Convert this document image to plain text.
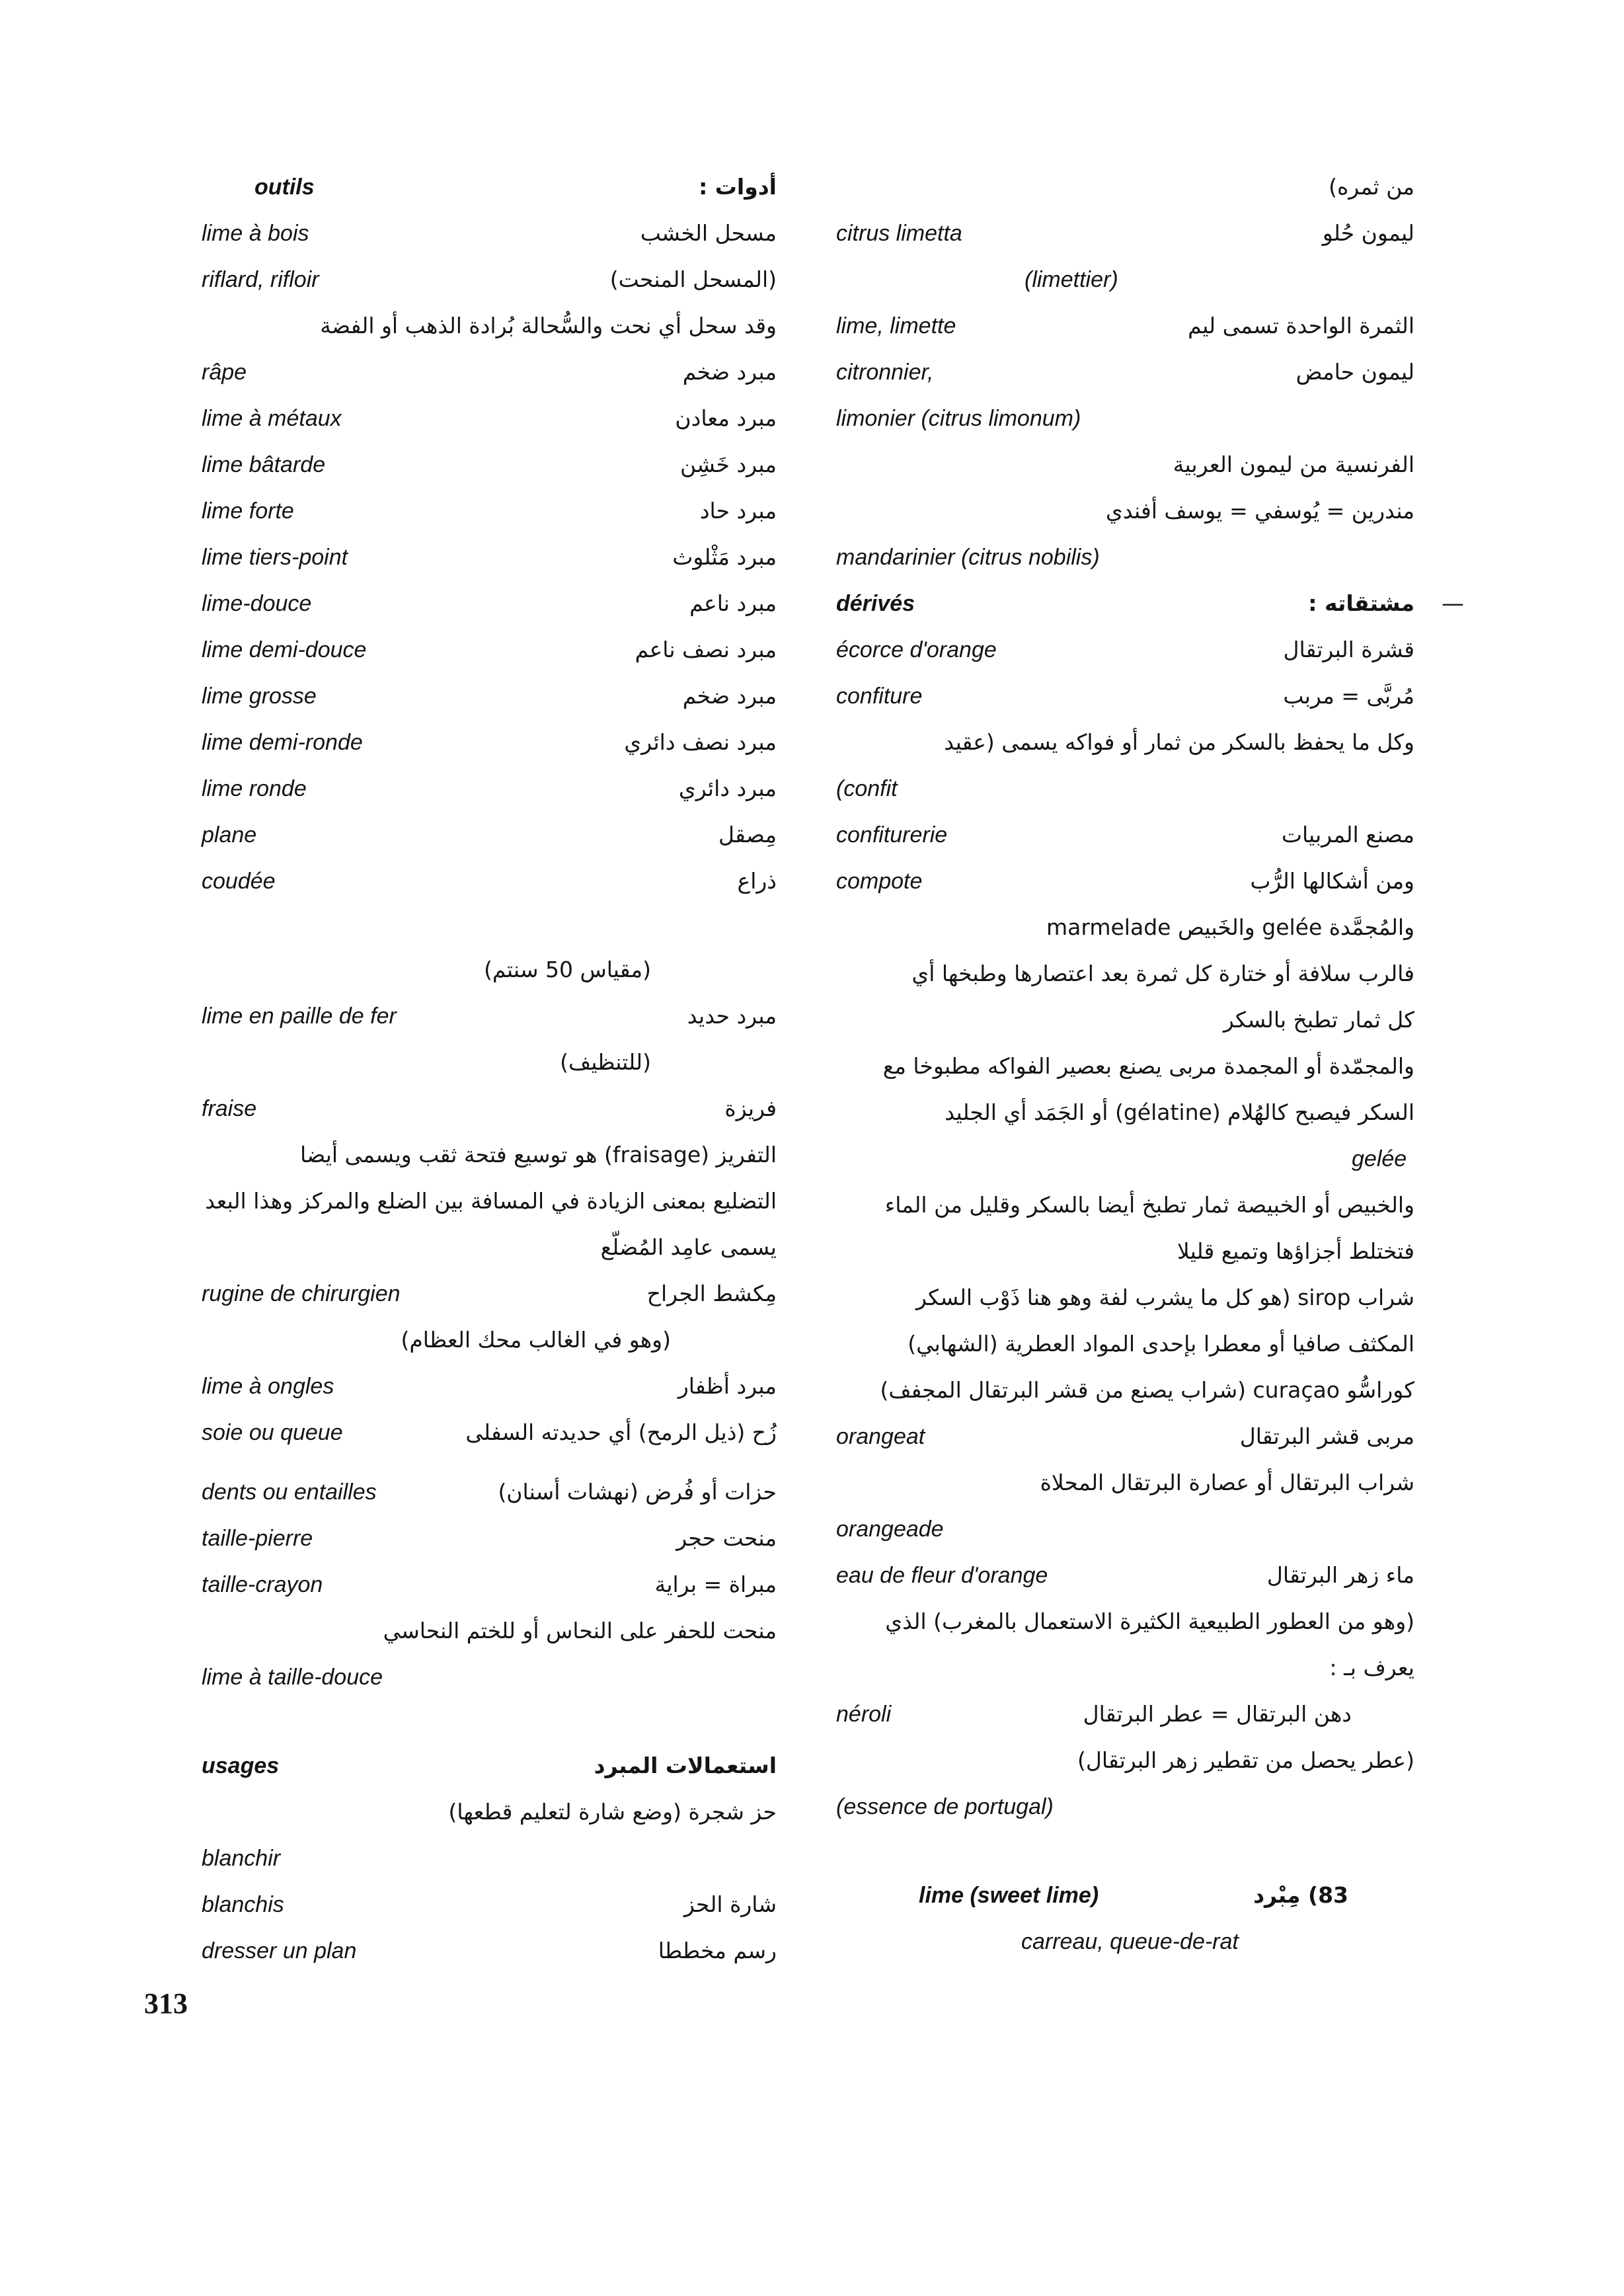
من ثمره)
ليمون حُلو
citrus limetta
(limettier)
الثمرة الواحدة تسمى ليم
lime, limette
ليمون حامض
citronnier,
limonier (citrus limonum)
الفرنسية من ليمون العربية
مندرين = يُوسفي = يوسف أفندي
mandarinier (citrus nobilis)
—
مشتقاته :
dérivés
قشرة البرتقال
écorce d'orange
مُربَّى = مربب
confiture
وكل ما يحفظ بالسكر من ثمار أو فواكه يسمى (عقيد
(confit
مصنع المربيات
confiturerie
ومن أشكالها الرُّب
compote
والمُجمَّدة gelée والخَبيص marmelade
فالرب سلافة أو ختارة كل ثمرة بعد اعتصارها وطبخها أي
كل ثمار تطبخ بالسكر
والمجمّدة أو المجمدة مربى يصنع بعصير الفواكه مطبوخا مع
السكر فيصبح كالهُلام (gélatine) أو الجَمَد أي الجليد
gelée
والخبيص أو الخبيصة ثمار تطبخ أيضا بالسكر وقليل من الماء
فتختلط أجزاؤها وتميع قليلا
شراب sirop (هو كل ما يشرب لفة وهو هنا ذَوْب السكر
المكثف صافيا أو معطرا بإحدى المواد العطرية (الشهابي)
كوراسُّو curaçao (شراب يصنع من قشر البرتقال المجفف)
مربى قشر البرتقال
orangeat
شراب البرتقال أو عصارة البرتقال المحلاة
orangeade
ماء زهر البرتقال
eau de fleur d'orange
(وهو من العطور الطبيعية الكثيرة الاستعمال بالمغرب) الذي
يعرف بـ :
دهن البرتقال = عطر البرتقال
néroli
(عطر يحصل من تقطير زهر البرتقال)
(essence de portugal)
83) مِبْرد
lime (sweet lime)
carreau, queue-de-rat
أدوات :
outils
مسحل الخشب
lime à bois
(المسحل المنحت)
riflard, rifloir
وقد سحل أي نحت والسُّحالة بُرادة الذهب أو الفضة
مبرد ضخم
râpe
مبرد معادن
lime à métaux
مبرد خَشِن
lime bâtarde
مبرد حاد
lime forte
مبرد مَثْلوث
lime tiers-point
مبرد ناعم
lime-douce
مبرد نصف ناعم
lime demi-douce
مبرد ضخم
lime grosse
مبرد نصف دائري
lime demi-ronde
مبرد دائري
lime ronde
مِصقل
plane
ذراع
coudée
(مقياس 50 سنتم)
مبرد حديد
lime en paille de fer
(للتنظيف)
فريزة
fraise
التفريز (fraisage) هو توسيع فتحة ثقب ويسمى أيضا
التضليع بمعنى الزيادة في المسافة بين الضلع والمركز وهذا البعد
يسمى عامِد المُضلّع
مِكشط الجراح
rugine de chirurgien
(وهو في الغالب محك العظام)
مبرد أظفار
lime à ongles
زُح (ذيل الرمح) أي حديدته السفلى
soie ou queue
حزات أو فُرض (نهشات أسنان)
dents ou entailles
منحت حجر
taille-pierre
مبراة = براية
taille-crayon
منحت للحفر على النحاس أو للختم النحاسي
lime à taille-douce
استعمالات المبرد
usages
حز شجرة (وضع شارة لتعليم قطعها)
blanchir
شارة الحز
blanchis
رسم مخططا
dresser un plan
313
